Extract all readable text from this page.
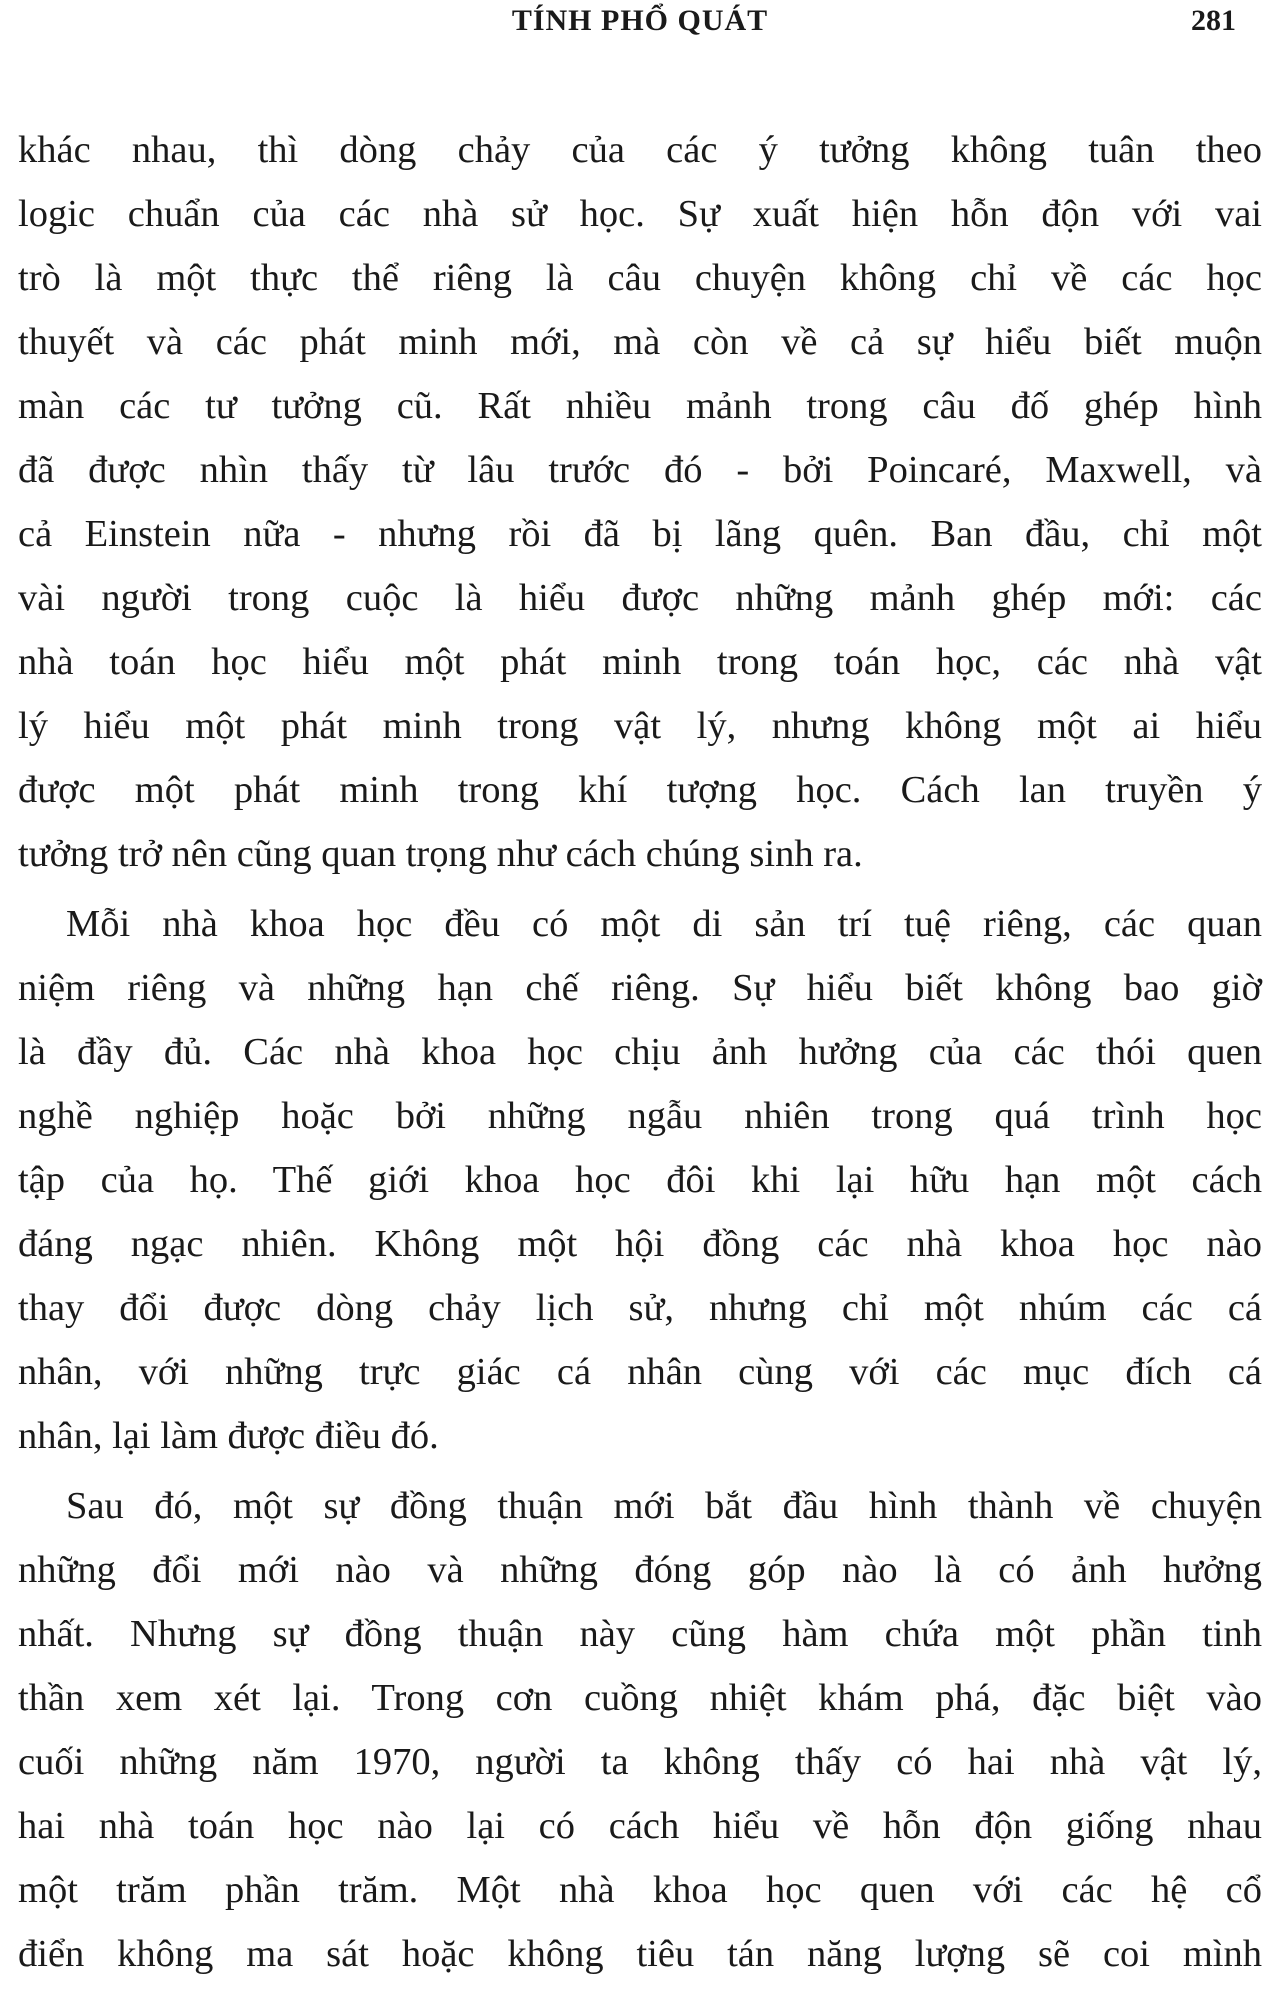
TÍNH PHỔ QUÁT	281
khác nhau, thì dòng chảy của các ý tưởng không tuân theo
logic chuẩn của các nhà sử học. Sự xuất hiện hỗn độn với vai
trò là một thực thể riêng là câu chuyện không chỉ về các học
thuyết và các phát minh mới, mà còn về cả sự hiểu biết muộn
màn các tư tưởng cũ. Rất nhiều mảnh trong câu đố ghép hình
đã được nhìn thấy từ lâu trước đó - bởi Poincaré, Maxwell, và
cả Einstein nữa - nhưng rồi đã bị lãng quên. Ban đầu, chỉ một
vài người trong cuộc là hiểu được những mảnh ghép mới: các
nhà toán học hiểu một phát minh trong toán học, các nhà vật
lý hiểu một phát minh trong vật lý, nhưng không một ai hiểu
được một phát minh trong khí tượng học. Cách lan truyền ý
tưởng trở nên cũng quan trọng như cách chúng sinh ra.
Mỗi nhà khoa học đều có một di sản trí tuệ riêng, các quan
niệm riêng và những hạn chế riêng. Sự hiểu biết không bao giờ
là đầy đủ. Các nhà khoa học chịu ảnh hưởng của các thói quen
nghề nghiệp hoặc bởi những ngẫu nhiên trong quá trình học
tập của họ. Thế giới khoa học đôi khi lại hữu hạn một cách
đáng ngạc nhiên. Không một hội đồng các nhà khoa học nào
thay đổi được dòng chảy lịch sử, nhưng chỉ một nhúm các cá
nhân, với những trực giác cá nhân cùng với các mục đích cá
nhân, lại làm được điều đó.
Sau đó, một sự đồng thuận mới bắt đầu hình thành về chuyện
những đổi mới nào và những đóng góp nào là có ảnh hưởng
nhất. Nhưng sự đồng thuận này cũng hàm chứa một phần tinh
thần xem xét lại. Trong cơn cuồng nhiệt khám phá, đặc biệt vào
cuối những năm 1970, người ta không thấy có hai nhà vật lý,
hai nhà toán học nào lại có cách hiểu về hỗn độn giống nhau
một trăm phần trăm. Một nhà khoa học quen với các hệ cổ
điển không ma sát hoặc không tiêu tán năng lượng sẽ coi mình
